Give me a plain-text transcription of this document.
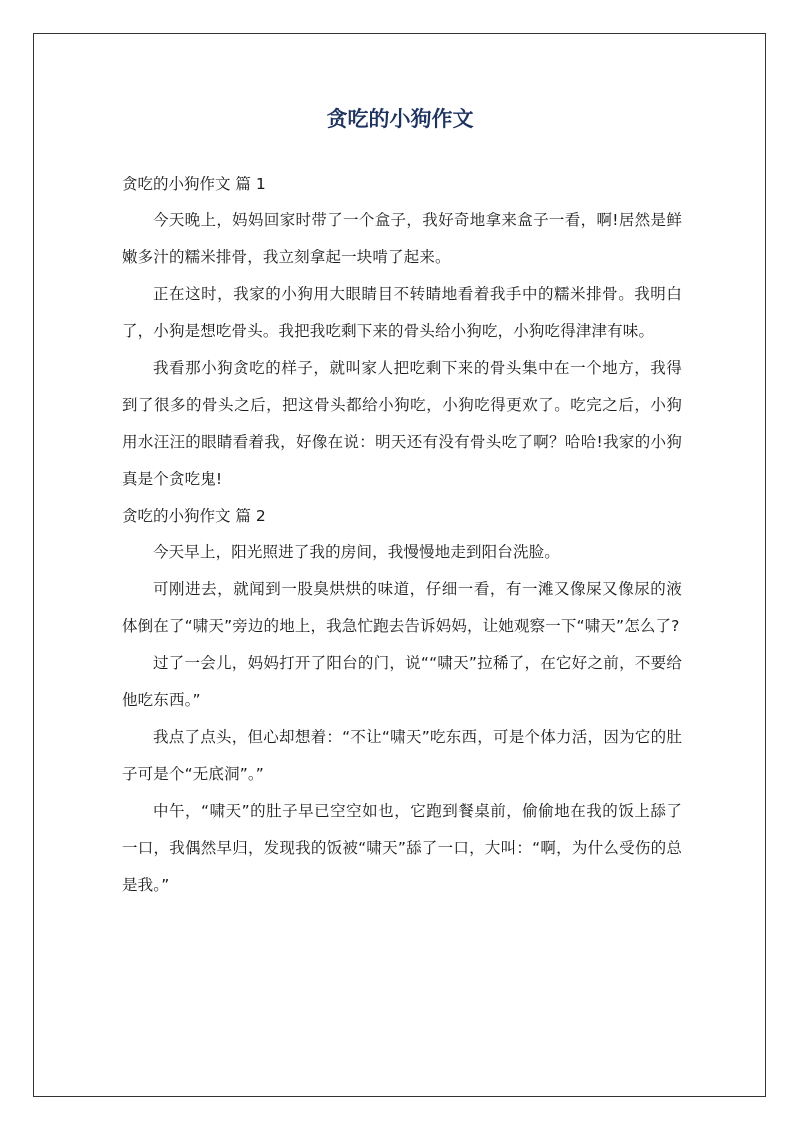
贪吃的小狗作文
贪吃的小狗作文 篇 1

今天晚上，妈妈回家时带了一个盒子，我好奇地拿来盒子一看，啊!居然是鲜嫩多汁的糯米排骨，我立刻拿起一块啃了起来。

正在这时，我家的小狗用大眼睛目不转睛地看着我手中的糯米排骨。我明白了，小狗是想吃骨头。我把我吃剩下来的骨头给小狗吃，小狗吃得津津有味。

我看那小狗贪吃的样子，就叫家人把吃剩下来的骨头集中在一个地方，我得到了很多的骨头之后，把这骨头都给小狗吃，小狗吃得更欢了。吃完之后，小狗用水汪汪的眼睛看着我，好像在说：明天还有没有骨头吃了啊？哈哈!我家的小狗真是个贪吃鬼!

贪吃的小狗作文 篇 2

今天早上，阳光照进了我的房间，我慢慢地走到阳台洗脸。

可刚进去，就闻到一股臭烘烘的味道，仔细一看，有一滩又像屎又像尿的液体倒在了“啸天”旁边的地上，我急忙跑去告诉妈妈，让她观察一下“啸天”怎么了?

过了一会儿，妈妈打开了阳台的门，说““啸天”拉稀了，在它好之前，不要给他吃东西。”

我点了点头，但心却想着：“不让“啸天”吃东西，可是个体力活，因为它的肚子可是个“无底洞”。”

中午，“啸天”的肚子早已空空如也，它跑到餐桌前，偷偷地在我的饭上舔了一口，我偶然早归，发现我的饭被“啸天”舔了一口，大叫：“啊，为什么受伤的总是我。”
